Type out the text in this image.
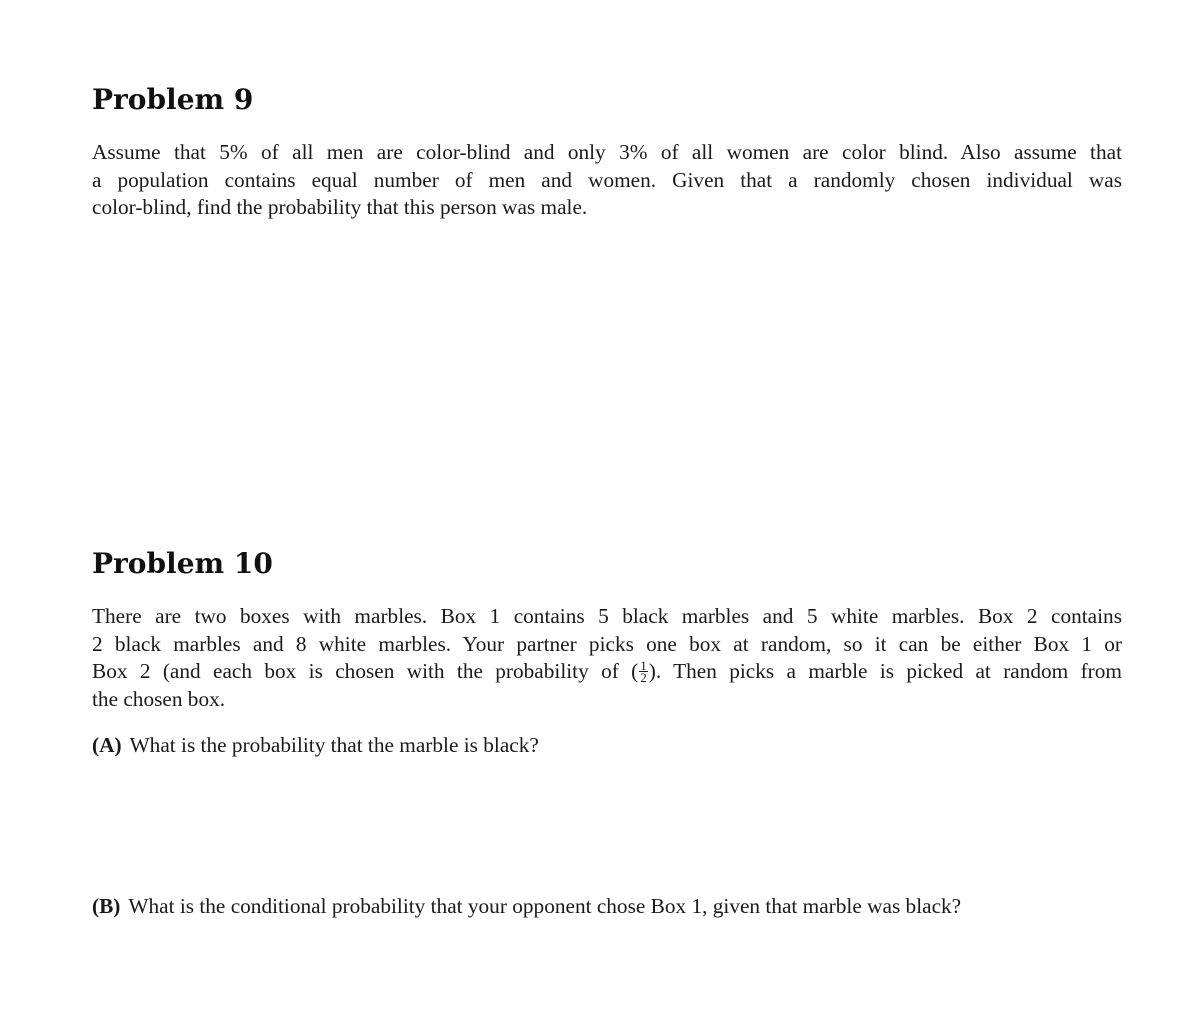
Problem 9
Assume that 5% of all men are color-blind and only 3% of all women are color blind. Also assume that
a population contains equal number of men and women. Given that a randomly chosen individual was
color-blind, find the probability that this person was male.
Problem 10
There are two boxes with marbles. Box 1 contains 5 black marbles and 5 white marbles. Box 2 contains
2 black marbles and 8 white marbles. Your partner picks one box at random, so it can be either Box 1 or
Box 2 (and each box is chosen with the probability of ( $\frac{1}{2}$ ). Then picks a marble is picked at random from
the chosen box.
(A) What is the probability that the marble is black?
(B) What is the conditional probability that your opponent chose Box 1, given that marble was black?
